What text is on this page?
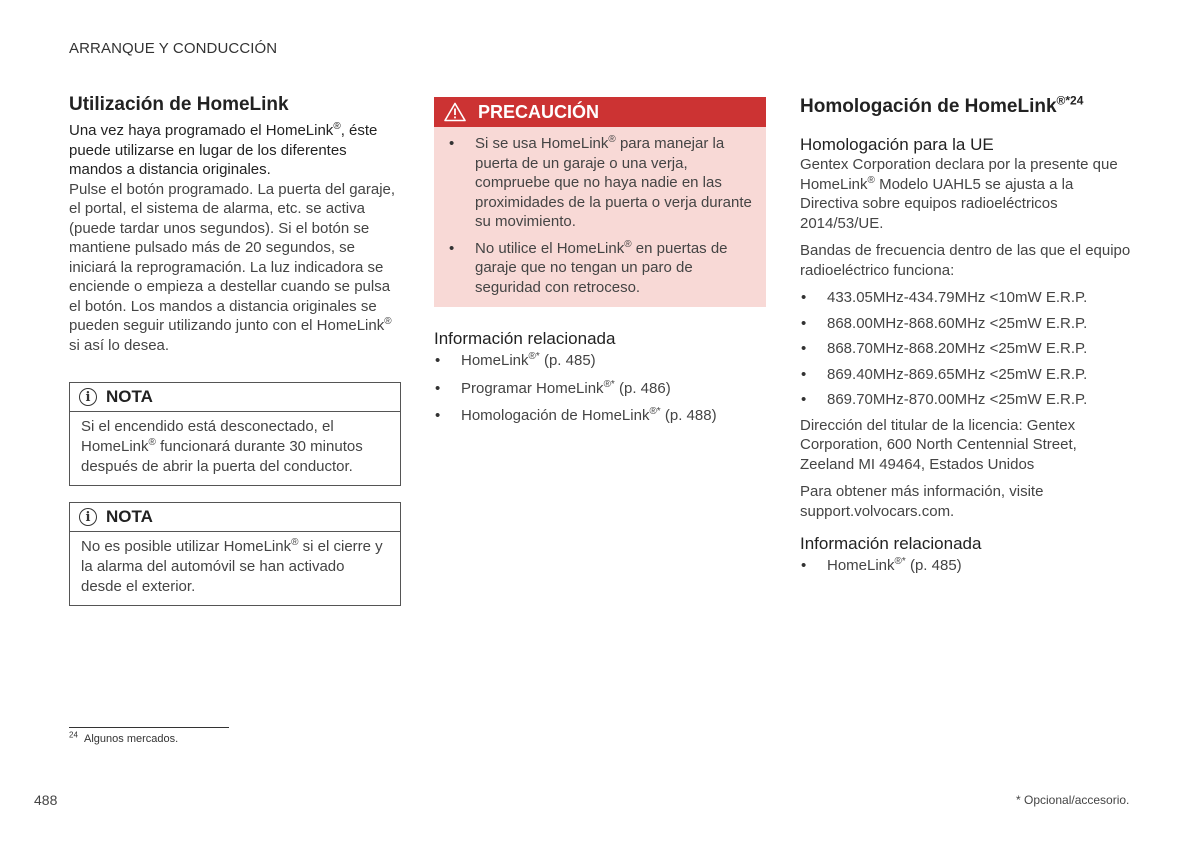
ARRANQUE Y CONDUCCIÓN
Utilización de HomeLink

Una vez haya programado el HomeLink®, éste puede utilizarse en lugar de los diferentes mandos a distancia originales.

Pulse el botón programado. La puerta del garaje, el portal, el sistema de alarma, etc. se activa (puede tardar unos segundos). Si el botón se mantiene pulsado más de 20 segundos, se iniciará la reprogramación. La luz indicadora se enciende o empieza a destellar cuando se pulsa el botón. Los mandos a distancia originales se pueden seguir utilizando junto con el HomeLink® si así lo desea.

i NOTA
Si el encendido está desconectado, el HomeLink® funcionará durante 30 minutos después de abrir la puerta del conductor.
i NOTA
No es posible utilizar HomeLink® si el cierre y la alarma del automóvil se han activado desde el exterior.
PRECAUCIÓN
• Si se usa HomeLink® para manejar la puerta de un garaje o una verja, compruebe que no haya nadie en las proximidades de la puerta o verja durante su movimiento.
• No utilice el HomeLink® en puertas de garaje que no tengan un paro de seguridad con retroceso.
Información relacionada
• HomeLink®* (p. 485)
• Programar HomeLink®* (p. 486)
• Homologación de HomeLink®* (p. 488)
Homologación de HomeLink$^{®*24}$
Homologación para la UE

Gentex Corporation declara por la presente que HomeLink® Modelo UAHL5 se ajusta a la Directiva sobre equipos radioeléctricos 2014/53/UE.

Bandas de frecuencia dentro de las que el equipo radioeléctrico funciona:

• 433.05MHz-434.79MHz <10mW E.R.P.
• 868.00MHz-868.60MHz <25mW E.R.P.
• 868.70MHz-868.20MHz <25mW E.R.P.
• 869.40MHz-869.65MHz <25mW E.R.P.
• 869.70MHz-870.00MHz <25mW E.R.P.

Dirección del titular de la licencia: Gentex Corporation, 600 North Centennial Street, Zeeland MI 49464, Estados Unidos

Para obtener más información, visite support.volvocars.com.

Información relacionada
• HomeLink®* (p. 485)
$^{24}$ Algunos mercados.
488	* Opcional/accesorio.
